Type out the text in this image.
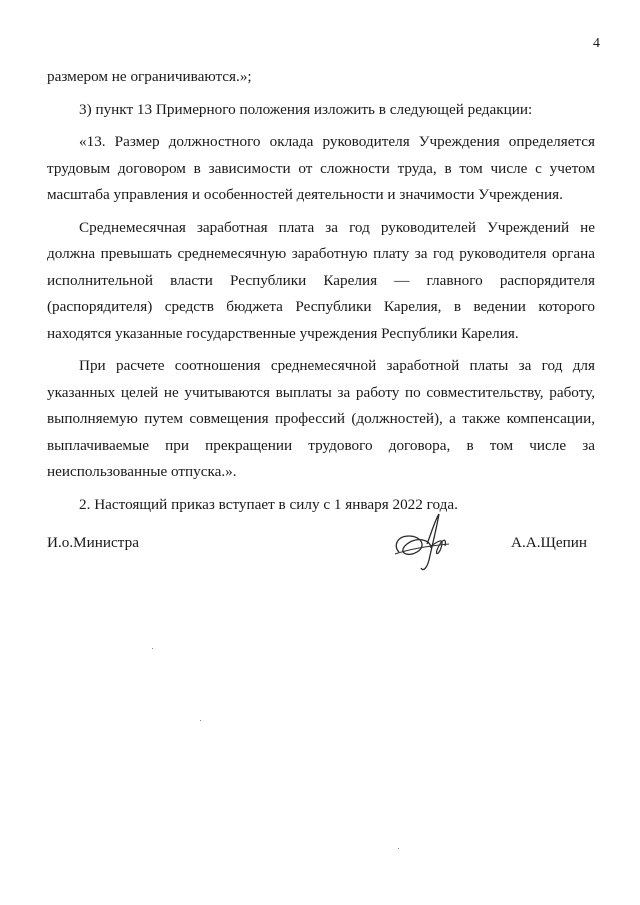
4

размером не ограничиваются.»;

3) пункт 13 Примерного положения изложить в следующей редакции:

«13. Размер должностного оклада руководителя Учреждения определяется трудовым договором в зависимости от сложности труда, в том числе с учетом масштаба управления и особенностей деятельности и значимости Учреждения.

Среднемесячная заработная плата за год руководителей Учреждений не должна превышать среднемесячную заработную плату за год руководителя органа исполнительной власти Республики Карелия — главного распорядителя (распорядителя) средств бюджета Республики Карелия, в ведении которого находятся указанные государственные учреждения Республики Карелия.

При расчете соотношения среднемесячной заработной платы за год для указанных целей не учитываются выплаты за работу по совместительству, работу, выполняемую путем совмещения профессий (должностей), а также компенсации, выплачиваемые при прекращении трудового договора, в том числе за неиспользованные отпуска.».

2. Настоящий приказ вступает в силу с 1 января 2022 года.

И.о.Министра	А.А.Щепин
